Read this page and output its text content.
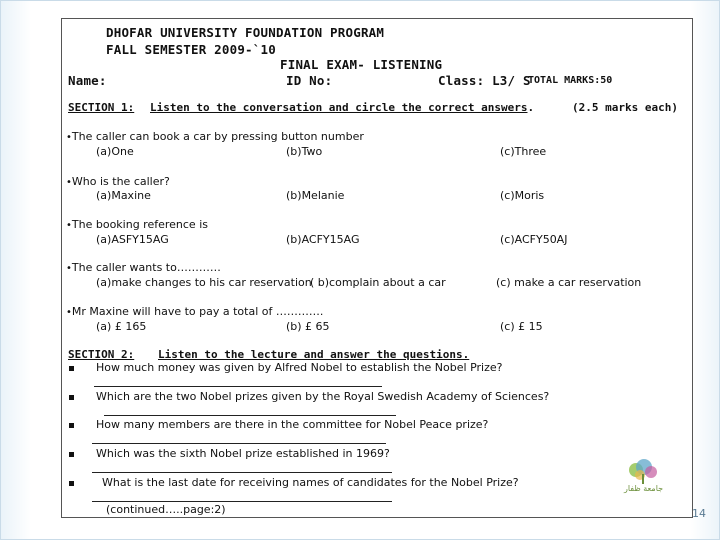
DHOFAR UNIVERSITY FOUNDATION PROGRAM
FALL SEMESTER 2009-`10
FINAL EXAM- LISTENING
Name:	ID No:	Class: L3/ S
TOTAL MARKS:50
SECTION 1: Listen to the conversation and circle the correct answers.	(2.5 marks each)
•The caller can book a car by pressing button number
(a)One	(b)Two	(c)Three
•Who is the caller?
(a)Maxine	(b)Melanie	(c)Moris
•The booking reference is
(a)ASFY15AG	(b)ACFY15AG	(c)ACFY50AJ
•The caller wants to…………
(a)make changes to his car reservation
( b)complain about a car	(c) make a car reservation
•Mr Maxine will have to pay a total of ………….
(a) £ 165	(b) £ 65	(c) £ 15
SECTION 2: Listen to the lecture and answer the questions.
How much money was given by Alfred Nobel to establish the Nobel Prize?
Which are the two Nobel prizes given by the Royal Swedish Academy of Sciences?
How many members are there in the committee for Nobel Peace prize?
Which was the sixth Nobel prize established in 1969?
What is the last date for receiving names of candidates for the Nobel Prize?
(continued…..page:2)
جامعة ظفار
14
